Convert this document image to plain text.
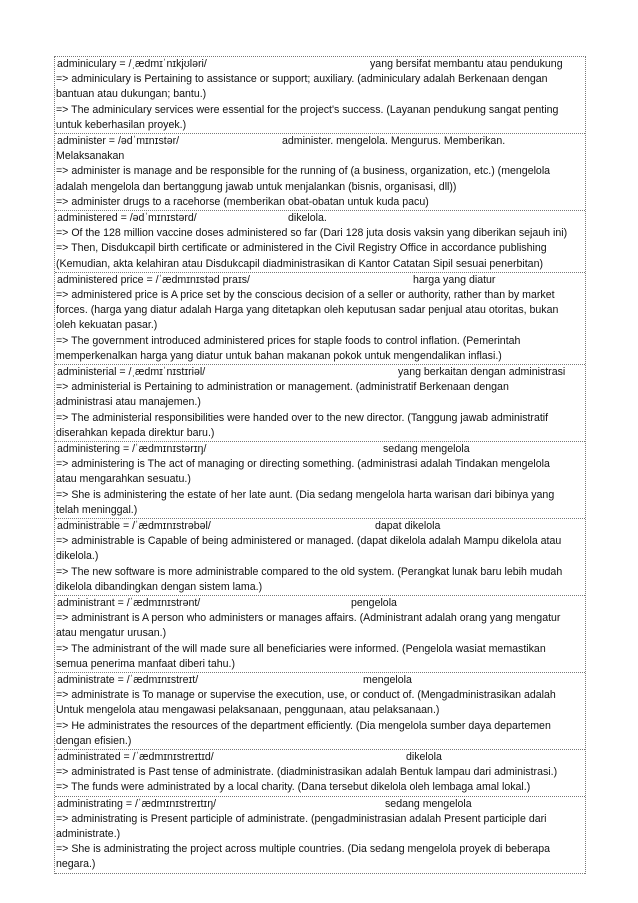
adminiculary = /ˌædmɪˈnɪkjʊləri/	yang bersifat membantu atau pendukung
=> adminiculary is Pertaining to assistance or support; auxiliary. (adminiculary adalah Berkenaan dengan
bantuan atau dukungan; bantu.)
=> The adminiculary services were essential for the project's success. (Layanan pendukung sangat penting
untuk keberhasilan proyek.)
administer = /ədˈmɪnɪstər/	administer. mengelola. Mengurus. Memberikan.
Melaksanakan
=> administer is manage and be responsible for the running of (a business, organization, etc.) (mengelola
adalah mengelola dan bertanggung jawab untuk menjalankan (bisnis, organisasi, dll))
=> administer drugs to a racehorse (memberikan obat-obatan untuk kuda pacu)
administered = /ədˈmɪnɪstərd/	dikelola.
=> Of the 128 million vaccine doses administered so far (Dari 128 juta dosis vaksin yang diberikan sejauh ini)
=> Then, Disdukcapil birth certificate or administered in the Civil Registry Office in accordance publishing
(Kemudian, akta kelahiran atau Disdukcapil diadministrasikan di Kantor Catatan Sipil sesuai penerbitan)
administered price = /ˈædmɪnɪstəd praɪs/	harga yang diatur
=> administered price is A price set by the conscious decision of a seller or authority, rather than by market
forces. (harga yang diatur adalah Harga yang ditetapkan oleh keputusan sadar penjual atau otoritas, bukan
oleh kekuatan pasar.)
=> The government introduced administered prices for staple foods to control inflation. (Pemerintah
memperkenalkan harga yang diatur untuk bahan makanan pokok untuk mengendalikan inflasi.)
administerial = /ˌædmɪˈnɪstɪriəl/	yang berkaitan dengan administrasi
=> administerial is Pertaining to administration or management. (administratif Berkenaan dengan
administrasi atau manajemen.)
=> The administerial responsibilities were handed over to the new director. (Tanggung jawab administratif
diserahkan kepada direktur baru.)
administering = /ˈædmɪnɪstərɪŋ/	sedang mengelola
=> administering is The act of managing or directing something. (administrasi adalah Tindakan mengelola
atau mengarahkan sesuatu.)
=> She is administering the estate of her late aunt. (Dia sedang mengelola harta warisan dari bibinya yang
telah meninggal.)
administrable = /ˈædmɪnɪstrəbəl/	dapat dikelola
=> administrable is Capable of being administered or managed. (dapat dikelola adalah Mampu dikelola atau
dikelola.)
=> The new software is more administrable compared to the old system. (Perangkat lunak baru lebih mudah
dikelola dibandingkan dengan sistem lama.)
administrant = /ˈædmɪnɪstrənt/	pengelola
=> administrant is A person who administers or manages affairs. (Administrant adalah orang yang mengatur
atau mengatur urusan.)
=> The administrant of the will made sure all beneficiaries were informed. (Pengelola wasiat memastikan
semua penerima manfaat diberi tahu.)
administrate = /ˈædmɪnɪstreɪt/	mengelola
=> administrate is To manage or supervise the execution, use, or conduct of. (Mengadministrasikan adalah
Untuk mengelola atau mengawasi pelaksanaan, penggunaan, atau pelaksanaan.)
=> He administrates the resources of the department efficiently. (Dia mengelola sumber daya departemen
dengan efisien.)
administrated = /ˈædmɪnɪstreɪtɪd/	dikelola
=> administrated is Past tense of administrate. (diadministrasikan adalah Bentuk lampau dari administrasi.)
=> The funds were administrated by a local charity. (Dana tersebut dikelola oleh lembaga amal lokal.)
administrating = /ˈædmɪnɪstreɪtɪŋ/	sedang mengelola
=> administrating is Present participle of administrate. (pengadministrasian adalah Present participle dari
administrate.)
=> She is administrating the project across multiple countries. (Dia sedang mengelola proyek di beberapa
negara.)
